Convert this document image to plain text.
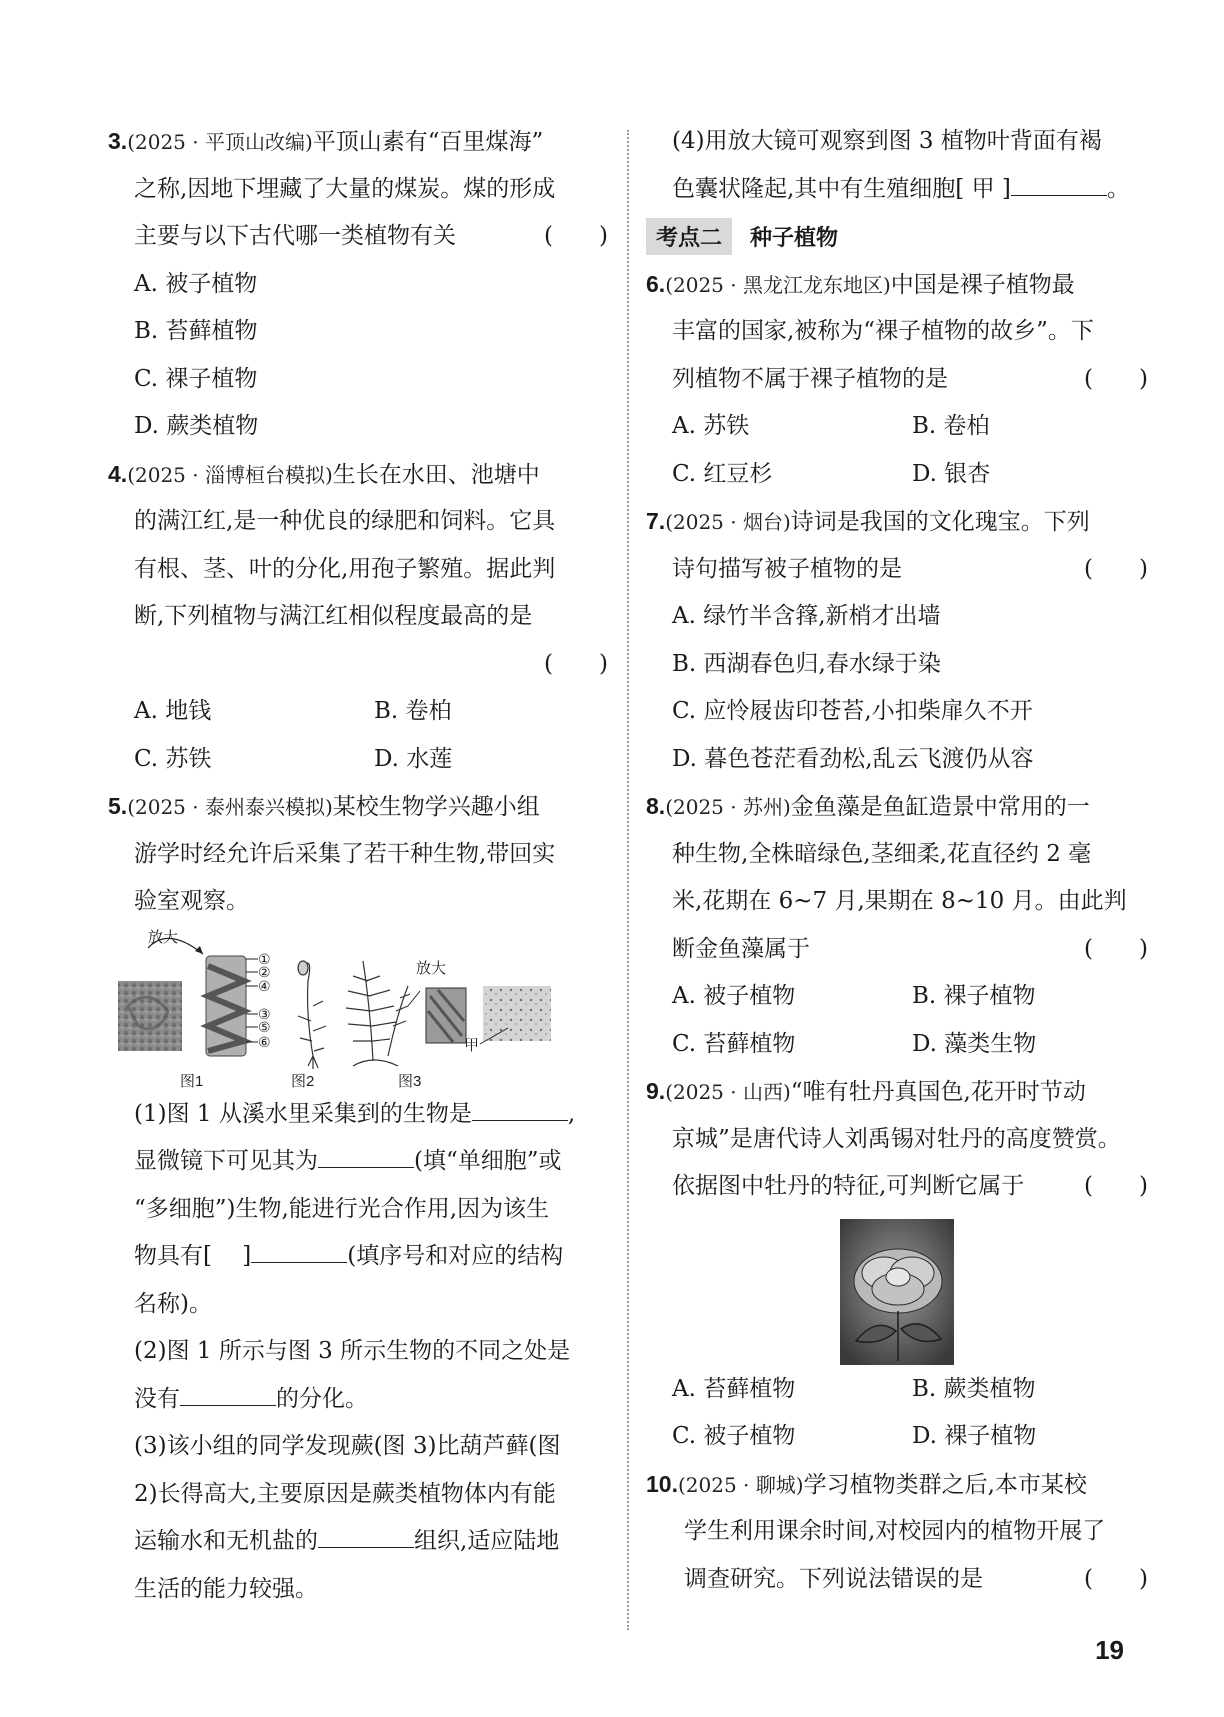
3.(2025 · 平顶山改编)平顶山素有“百里煤海”
之称,因地下埋藏了大量的煤炭。煤的形成
主要与以下古代哪一类植物有关	(　　)
A. 被子植物
B. 苔藓植物
C. 裸子植物
D. 蕨类植物
4.(2025 · 淄博桓台模拟)生长在水田、池塘中
的满江红,是一种优良的绿肥和饲料。它具
有根、茎、叶的分化,用孢子繁殖。据此判
断,下列植物与满江红相似程度最高的是
(　　)
A. 地钱	B. 卷柏
C. 苏铁	D. 水莲
5.(2025 · 泰州泰兴模拟)某校生物学兴趣小组
游学时经允许后采集了若干种生物,带回实
验室观察。
放大
①
②
④
③
⑤
⑥
放大
甲
图1	图2	图3
(1)图 1 从溪水里采集到的生物是	,
显微镜下可见其为	(填“单细胞”或
“多细胞”)生物,能进行光合作用,因为该生
物具有[　 ]	(填序号和对应的结构
名称)。
(2)图 1 所示与图 3 所示生物的不同之处是
没有	的分化。
(3)该小组的同学发现蕨(图 3)比葫芦藓(图
2)长得高大,主要原因是蕨类植物体内有能
运输水和无机盐的	组织,适应陆地
生活的能力较强。
(4)用放大镜可观察到图 3 植物叶背面有褐
色囊状隆起,其中有生殖细胞[ 甲 ]	。
考点二	种子植物
6.(2025 · 黑龙江龙东地区)中国是裸子植物最
丰富的国家,被称为“裸子植物的故乡”。下
列植物不属于裸子植物的是	(　　)
A. 苏铁	B. 卷柏
C. 红豆杉	D. 银杏
7.(2025 · 烟台)诗词是我国的文化瑰宝。下列
诗句描写被子植物的是	(　　)
A. 绿竹半含箨,新梢才出墙
B. 西湖春色归,春水绿于染
C. 应怜屐齿印苍苔,小扣柴扉久不开
D. 暮色苍茫看劲松,乱云飞渡仍从容
8.(2025 · 苏州)金鱼藻是鱼缸造景中常用的一
种生物,全株暗绿色,茎细柔,花直径约 2 毫
米,花期在 6~7 月,果期在 8~10 月。由此判
断金鱼藻属于	(　　)
A. 被子植物	B. 裸子植物
C. 苔藓植物	D. 藻类生物
9.(2025 · 山西)“唯有牡丹真国色,花开时节动
京城”是唐代诗人刘禹锡对牡丹的高度赞赏。
依据图中牡丹的特征,可判断它属于	(　　)
A. 苔藓植物	B. 蕨类植物
C. 被子植物	D. 裸子植物
10.(2025 · 聊城)学习植物类群之后,本市某校
学生利用课余时间,对校园内的植物开展了
调查研究。下列说法错误的是	(　　)
19
